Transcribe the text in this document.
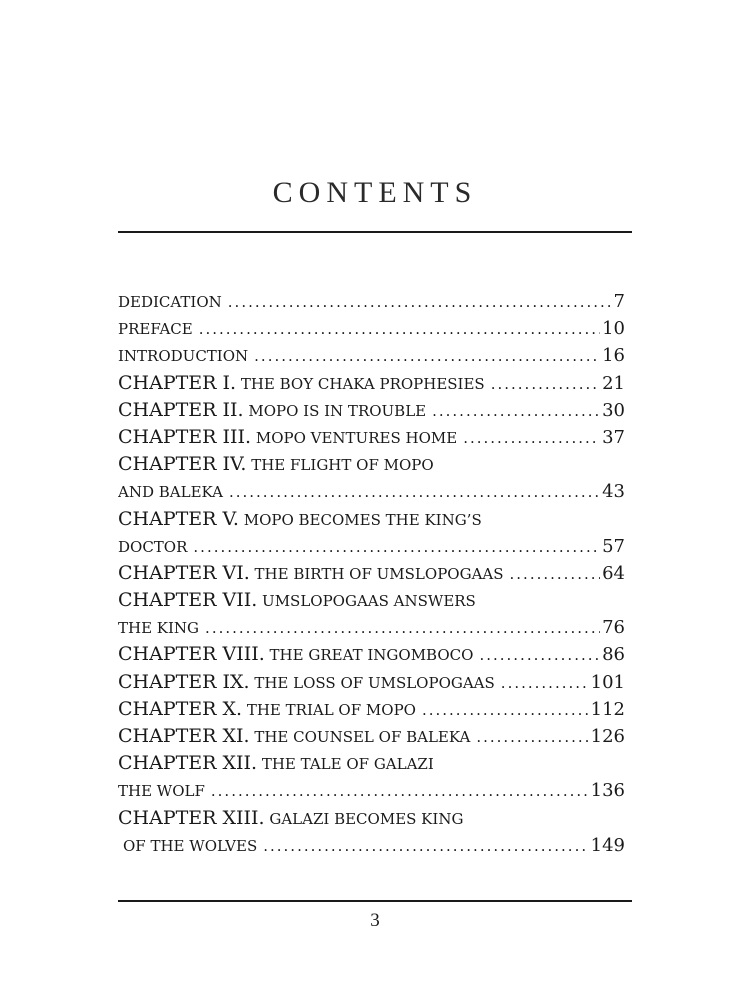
CONTENTS
DEDICATION .....	7
PREFACE .....	10
INTRODUCTION .....	16
CHAPTER I. THE BOY CHAKA PROPHESIES .....	21
CHAPTER II. MOPO IS IN TROUBLE .....	30
CHAPTER III. MOPO VENTURES HOME .....	37
CHAPTER IV. THE FLIGHT OF MOPO
AND BALEKA .....	43
CHAPTER V. MOPO BECOMES THE KING’S
DOCTOR .....	57
CHAPTER VI. THE BIRTH OF UMSLOPOGAAS .....	64
CHAPTER VII. UMSLOPOGAAS ANSWERS
THE KING .....	76
CHAPTER VIII. THE GREAT INGOMBOCO .....	86
CHAPTER IX. THE LOSS OF UMSLOPOGAAS .....	101
CHAPTER X. THE TRIAL OF MOPO .....	112
CHAPTER XI. THE COUNSEL OF BALEKA .....	126
CHAPTER XII. THE TALE OF GALAZI
THE WOLF .....	136
CHAPTER XIII. GALAZI BECOMES KING
OF THE WOLVES .....	149
3
